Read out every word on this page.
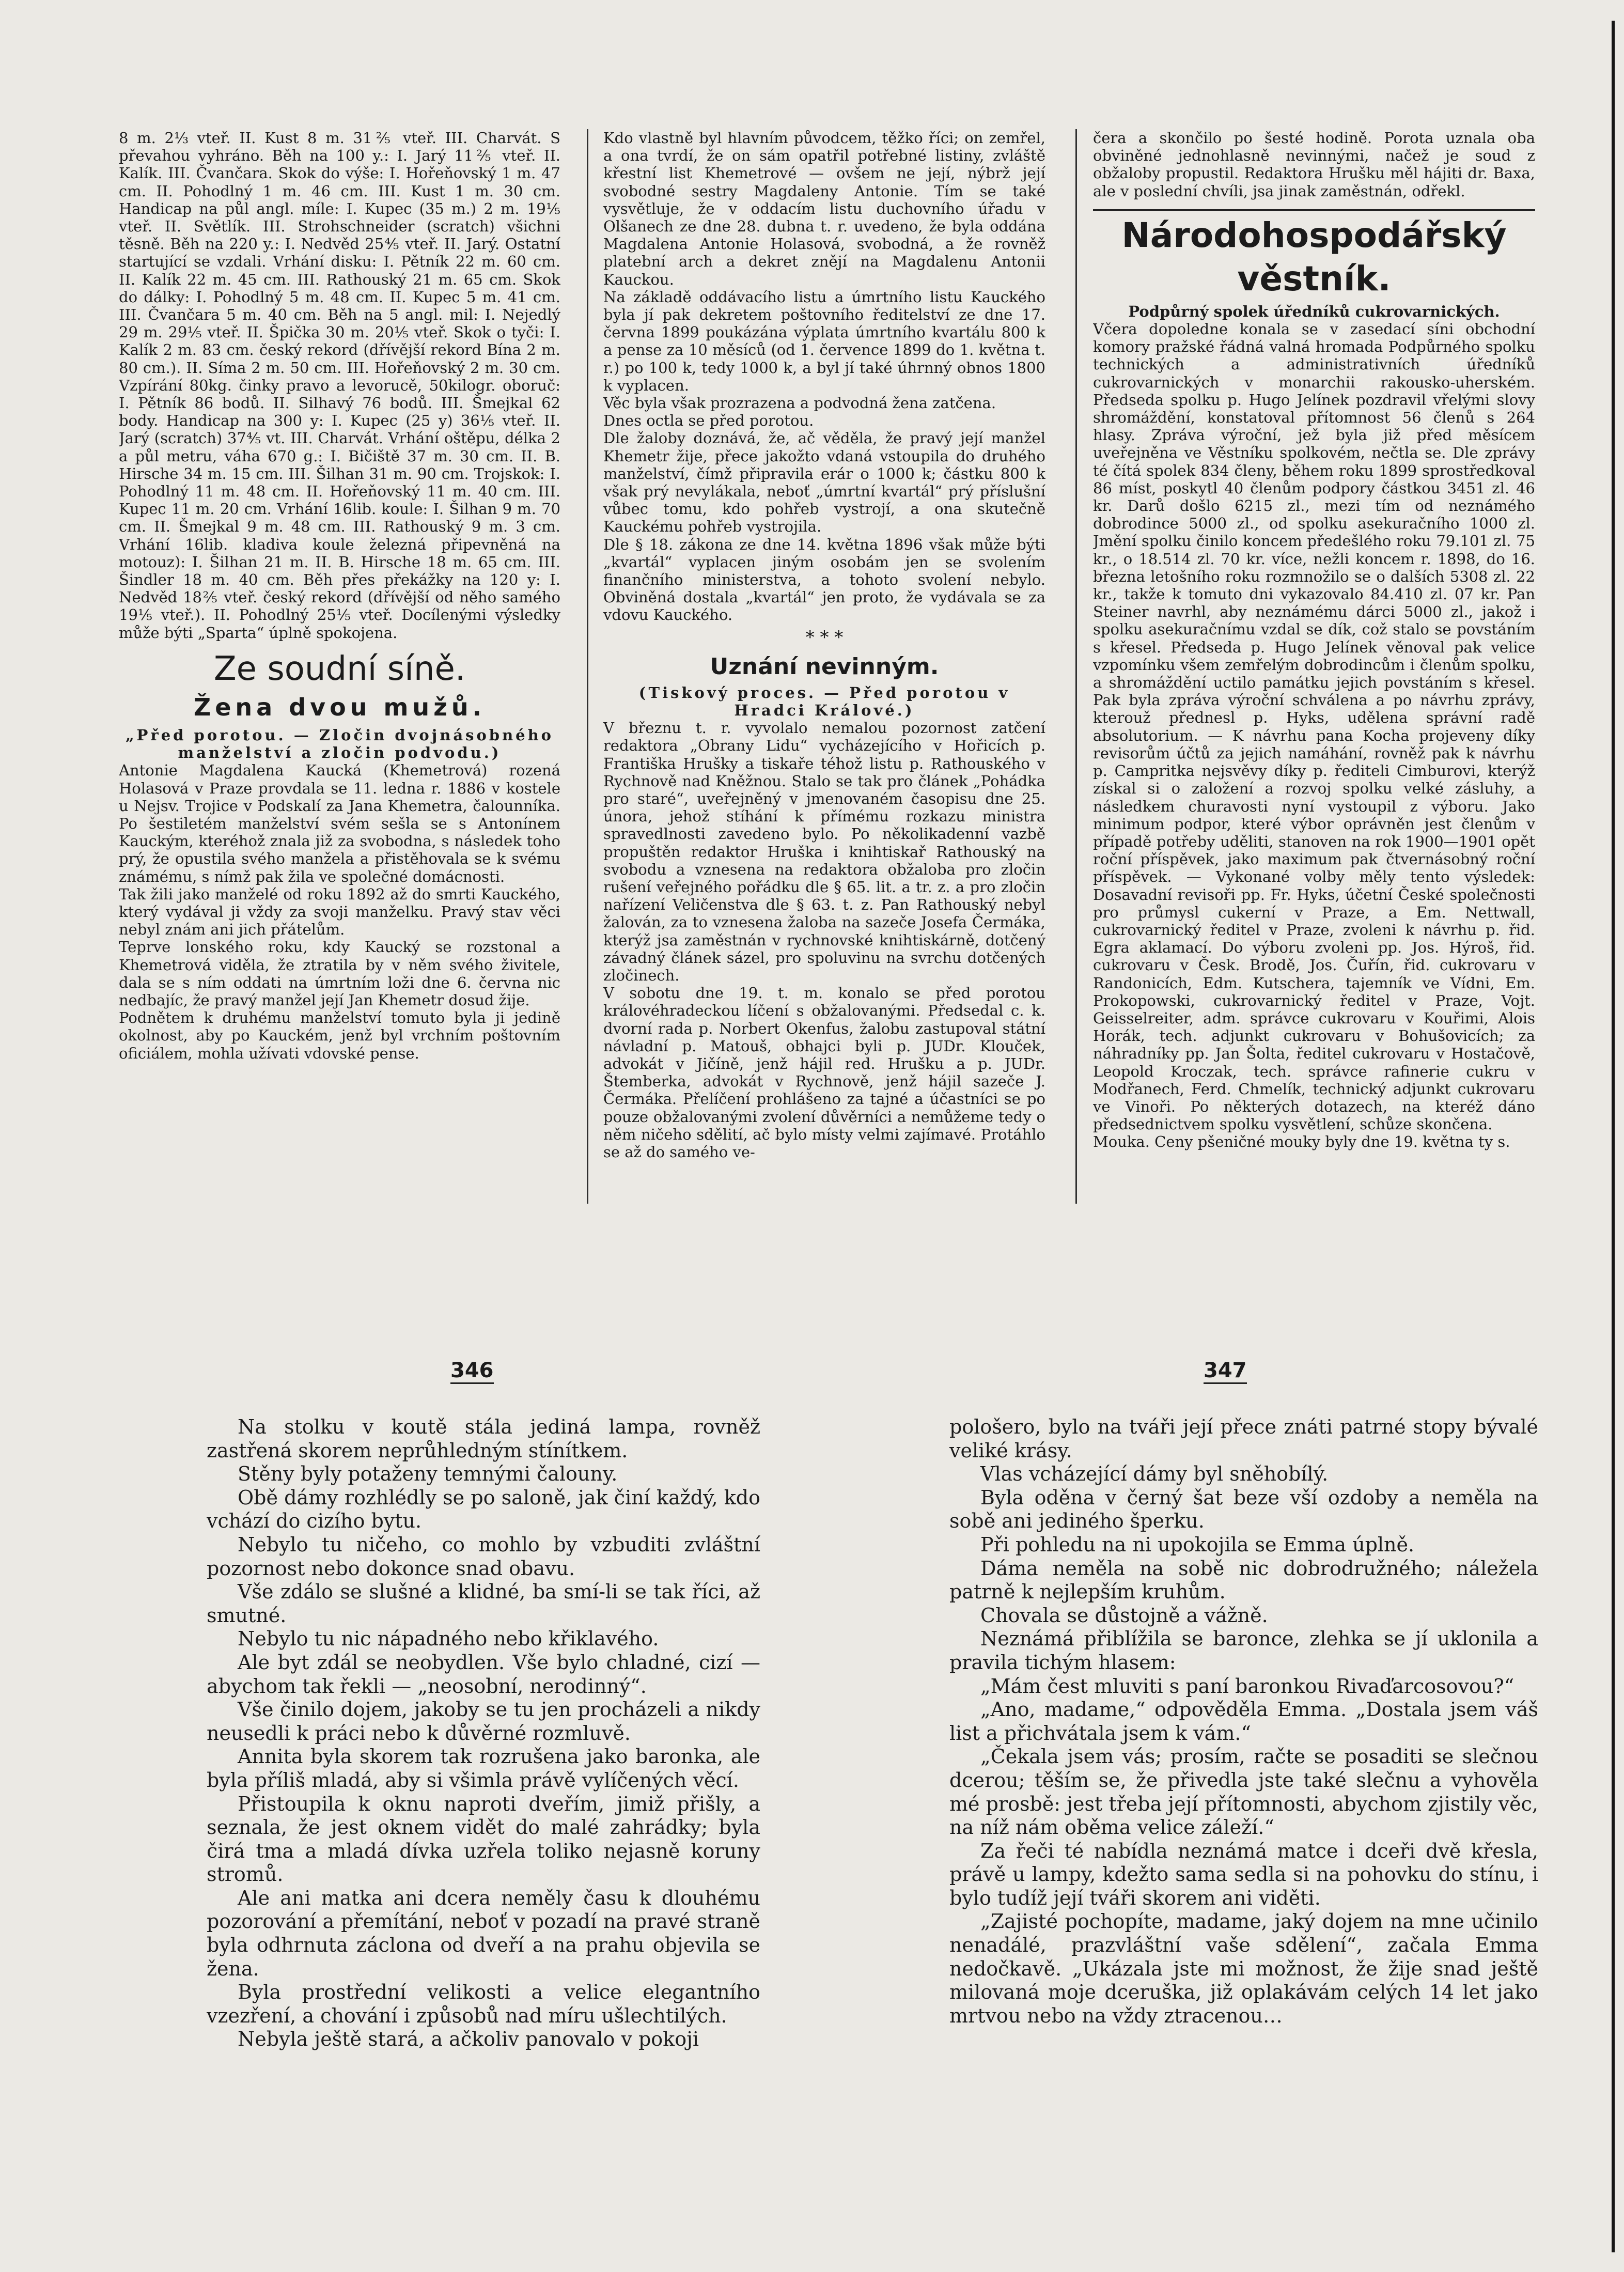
8 m. 2⅓ vteř. II. Kust 8 m. 31⅖ vteř. III. Charvát. S převahou vyhráno. Běh na 100 y.: I. Jarý 11⅖ vteř. II. Kalík. III. Čvančara. Skok do výše: I. Hořeňovský 1 m. 47 cm. II. Pohodlný 1 m. 46 cm. III. Kust 1 m. 30 cm. Handicap na půl angl. míle: I. Kupec (35 m.) 2 m. 19⅕ vteř. II. Světlík. III. Strohschneider (scratch) všichni těsně. Běh na 220 y.: I. Nedvěd 25⅘ vteř. II. Jarý. Ostatní startující se vzdali. Vrhání disku: I. Pětník 22 m. 60 cm. II. Kalík 22 m. 45 cm. III. Rathouský 21 m. 65 cm. Skok do dálky: I. Pohodlný 5 m. 48 cm. II. Kupec 5 m. 41 cm. III. Čvančara 5 m. 40 cm. Běh na 5 angl. mil: I. Nejedlý 29 m. 29⅕ vteř. II. Špička 30 m. 20⅕ vteř. Skok o tyči: I. Kalík 2 m. 83 cm. český rekord (dřívější rekord Bína 2 m. 80 cm.). II. Síma 2 m. 50 cm. III. Hořeňovský 2 m. 30 cm. Vzpírání 80kg. činky pravo a levorucě, 50kilogr. oboruč: I. Pětník 86 bodů. II. Silhavý 76 bodů. III. Šmejkal 62 body. Handicap na 300 y: I. Kupec (25 y) 36⅕ vteř. II. Jarý (scratch) 37⅘ vt. III. Charvát. Vrhání oštěpu, délka 2 a půl metru, váha 670 g.: I. Bičiště 37 m. 30 cm. II. B. Hirsche 34 m. 15 cm. III. Šilhan 31 m. 90 cm. Trojskok: I. Pohodlný 11 m. 48 cm. II. Hořeňovský 11 m. 40 cm. III. Kupec 11 m. 20 cm. Vrhání 16lib. koule: I. Šilhan 9 m. 70 cm. II. Šmejkal 9 m. 48 cm. III. Rathouský 9 m. 3 cm. Vrhání 16lib. kladiva koule železná připevněná na motouz): I. Šilhan 21 m. II. B. Hirsche 18 m. 65 cm. III. Šindler 18 m. 40 cm. Běh přes překážky na 120 y: I. Nedvěd 18⅖ vteř. český rekord (dřívější od něho samého 19⅕ vteř.). II. Pohodlný 25⅕ vteř. Docílenými výsledky může býti „Sparta“ úplně spokojena.

Ze soudní síně.
Žena dvou mužů.

„Před porotou. — Zločin dvojnásobného manželství a zločin podvodu.)

Antonie Magdalena Kaucká (Khemetrová) rozená Holasová v Praze provdala se 11. ledna r. 1886 v kostele u Nejsv. Trojice v Podskalí za Jana Khemetra, čalounníka. Po šestiletém manželství svém sešla se s Antonínem Kauckým, kteréhož znala již za svobodna, s následek toho prý, že opustila svého manžela a přistěhovala se k svému známému, s nímž pak žila ve společné domácnosti.

Tak žili jako manželé od roku 1892 až do smrti Kauckého, který vydával ji vždy za svoji manželku. Pravý stav věci nebyl znám ani jich přátelům.

Teprve lonského roku, kdy Kaucký se rozstonal a Khemetrová viděla, že ztratila by v něm svého živitele, dala se s ním oddati na úmrtním loži dne 6. června nic nedbajíc, že pravý manžel její Jan Khemetr dosud žije.

Podnětem k druhému manželství tomuto byla ji jedině okolnost, aby po Kauckém, jenž byl vrchním poštovním oficiálem, mohla užívati vdovské pense.

Kdo vlastně byl hlavním původcem, těžko říci; on zemřel, a ona tvrdí, že on sám opatřil potřebné listiny, zvláště křestní list Khemetrové — ovšem ne její, nýbrž její svobodné sestry Magdaleny Antonie. Tím se také vysvětluje, že v oddacím listu duchovního úřadu v Olšanech ze dne 28. dubna t. r. uvedeno, že byla oddána Magdalena Antonie Holasová, svobodná, a že rovněž platební arch a dekret znějí na Magdalenu Antonii Kauckou.

Na základě oddávacího listu a úmrtního listu Kauckého byla jí pak dekretem poštovního ředitelství ze dne 17. června 1899 poukázána výplata úmrtního kvartálu 800 k a pense za 10 měsíců (od 1. července 1899 do 1. května t. r.) po 100 k, tedy 1000 k, a byl jí také úhrnný obnos 1800 k vyplacen.

Věc byla však prozrazena a podvodná žena zatčena.

Dnes octla se před porotou.

Dle žaloby doznává, že, ač věděla, že pravý její manžel Khemetr žije, přece jakožto vdaná vstoupila do druhého manželství, čímž připravila erár o 1000 k; částku 800 k však prý nevylákala, neboť „úmrtní kvartál“ prý příslušní vůbec tomu, kdo pohřeb vystrojí, a ona skutečně Kauckému pohřeb vystrojila.

Dle § 18. zákona ze dne 14. května 1896 však může býti „kvartál“ vyplacen jiným osobám jen se svolením finančního ministerstva, a tohoto svolení nebylo. Obviněná dostala „kvartál“ jen proto, že vydávala se za vdovu Kauckého.

* * *
Uznání nevinným.

(Tiskový proces. — Před porotou v Hradci Králové.)

V březnu t. r. vyvolalo nemalou pozornost zatčení redaktora „Obrany Lidu“ vycházejícího v Hořicích p. Františka Hrušky a tiskaře téhož listu p. Rathouského v Rychnově nad Kněžnou. Stalo se tak pro článek „Pohádka pro staré“, uveřejněný v jmenovaném časopisu dne 25. února, jehož stíhání k přímému rozkazu ministra spravedlnosti zavedeno bylo. Po několikadenní vazbě propuštěn redaktor Hruška i knihtiskař Rathouský na svobodu a vznesena na redaktora obžaloba pro zločin rušení veřejného pořádku dle § 65. lit. a tr. z. a pro zločin nařízení Veličenstva dle § 63. t. z. Pan Rathouský nebyl žalován, za to vznesena žaloba na sazeče Josefa Čermáka, kterýž jsa zaměstnán v rychnovské knihtiskárně, dotčený závadný článek sázel, pro spoluvinu na svrchu dotčených zločinech.

V sobotu dne 19. t. m. konalo se před porotou královéhradeckou líčení s obžalovanými. Předsedal c. k. dvorní rada p. Norbert Okenfus, žalobu zastupoval státní návladní p. Matouš, obhajci byli p. JUDr. Klouček, advokát v Jičíně, jenž hájil red. Hrušku a p. JUDr. Štemberka, advokát v Rychnově, jenž hájil sazeče J. Čermáka. Přelíčení prohlášeno za tajné a účastníci se po pouze obžalovanými zvolení důvěrníci a nemůžeme tedy o něm ničeho sdělití, ač bylo místy velmi zajímavé. Protáhlo se až do samého ve-

čera a skončilo po šesté hodině. Porota uznala oba obviněné jednohlasně nevinnými, načež je soud z obžaloby propustil. Redaktora Hrušku měl hájiti dr. Baxa, ale v poslední chvíli, jsa jinak zaměstnán, odřekl.

Národohospodářský věstník.

Podpůrný spolek úředníků cukrovarnických.

Včera dopoledne konala se v zasedací síni obchodní komory pražské řádná valná hromada Podpůrného spolku technických a administrativních úředníků cukrovarnických v monarchii rakousko-uherském. Předseda spolku p. Hugo Jelínek pozdravil vřelými slovy shromáždění, konstatoval přítomnost 56 členů s 264 hlasy. Zpráva výroční, jež byla již před měsícem uveřejněna ve Věstníku spolkovém, nečtla se. Dle zprávy té čítá spolek 834 členy, během roku 1899 sprostředkoval 86 míst, poskytl 40 členům podpory částkou 3451 zl. 46 kr. Darů došlo 6215 zl., mezi tím od neznámého dobrodince 5000 zl., od spolku asekuračního 1000 zl. Jmění spolku činilo koncem předešlého roku 79.101 zl. 75 kr., o 18.514 zl. 70 kr. více, nežli koncem r. 1898, do 16. března letošního roku rozmnožilo se o dalších 5308 zl. 22 kr., takže k tomuto dni vykazovalo 84.410 zl. 07 kr. Pan Steiner navrhl, aby neznámému dárci 5000 zl., jakož i spolku asekuračnímu vzdal se dík, což stalo se povstáním s křesel. Předseda p. Hugo Jelínek věnoval pak velice vzpomínku všem zemřelým dobrodincům i členům spolku, a shromáždění uctilo památku jejich povstáním s křesel. Pak byla zpráva výroční schválena a po návrhu zprávy, kterouž přednesl p. Hyks, udělena správní radě absolutorium. — K návrhu pana Kocha projeveny díky revisorům účtů za jejich namáhání, rovněž pak k návrhu p. Campritka nejsvěvy díky p. řediteli Cimburovi, kterýž získal si o založení a rozvoj spolku velké zásluhy, a následkem churavosti nyní vystoupil z výboru. Jako minimum podpor, které výbor oprávněn jest členům v případě potřeby uděliti, stanoven na rok 1900—1901 opět roční příspěvek, jako maximum pak čtvernásobný roční příspěvek. — Vykonané volby měly tento výsledek: Dosavadní revisoři pp. Fr. Hyks, účetní České společnosti pro průmysl cukerní v Praze, a Em. Nettwall, cukrovarnický ředitel v Praze, zvoleni k návrhu p. řid. Egra aklamací. Do výboru zvoleni pp. Jos. Hýroš, řid. cukrovaru v Česk. Brodě, Jos. Čuřín, řid. cukrovaru v Randonicích, Edm. Kutschera, tajemník ve Vídni, Em. Prokopowski, cukrovarnický ředitel v Praze, Vojt. Geisselreiter, adm. správce cukrovaru v Kouřimi, Alois Horák, tech. adjunkt cukrovaru v Bohušovicích; za náhradníky pp. Jan Šolta, ředitel cukrovaru v Hostačově, Leopold Kroczak, tech. správce rafinerie cukru v Modřanech, Ferd. Chmelík, technický adjunkt cukrovaru ve Vinoři. Po některých dotazech, na kteréž dáno předsednictvem spolku vysvětlení, schůze skončena.

Mouka. Ceny pšeničné mouky byly dne 19. května ty s.

346	347

Na stolku v koutě stála jediná lampa, rovněž zastřená skorem neprůhledným stínítkem.

Stěny byly potaženy temnými čalouny.

Obě dámy rozhlédly se po saloně, jak činí každý, kdo vchází do cizího bytu.

Nebylo tu ničeho, co mohlo by vzbuditi zvláštní pozornost nebo dokonce snad obavu.

Vše zdálo se slušné a klidné, ba smí-li se tak říci, až smutné.

Nebylo tu nic nápadného nebo křiklavého.

Ale byt zdál se neobydlen. Vše bylo chladné, cizí — abychom tak řekli — „neosobní, nerodinný“.

Vše činilo dojem, jakoby se tu jen procházeli a nikdy neusedli k práci nebo k důvěrné rozmluvě.

Annita byla skorem tak rozrušena jako baronka, ale byla příliš mladá, aby si všimla právě vylíčených věcí.

Přistoupila k oknu naproti dveřím, jimiž přišly, a seznala, že jest oknem vidět do malé zahrádky; byla čirá tma a mladá dívka uzřela toliko nejasně koruny stromů.

Ale ani matka ani dcera neměly času k dlouhému pozorování a přemítání, neboť v pozadí na pravé straně byla odhrnuta záclona od dveří a na prahu objevila se žena.

Byla prostřední velikosti a velice elegantního vzezření, a chování i způsobů nad míru ušlechtilých.

Nebyla ještě stará, a ačkoliv panovalo v pokoji

pološero, bylo na tváři její přece znáti patrné stopy bývalé veliké krásy.

Vlas vcházející dámy byl sněhobílý.

Byla oděna v černý šat beze vší ozdoby a neměla na sobě ani jediného šperku.

Při pohledu na ni upokojila se Emma úplně.

Dáma neměla na sobě nic dobrodružného; náležela patrně k nejlepším kruhům.

Chovala se důstojně a vážně.

Neznámá přiblížila se baronce, zlehka se jí uklonila a pravila tichým hlasem:

„Mám čest mluviti s paní baronkou Rivaďarcosovou?“

„Ano, madame,“ odpověděla Emma. „Dostala jsem váš list a přichvátala jsem k vám.“

„Čekala jsem vás; prosím, račte se posaditi se slečnou dcerou; těším se, že přivedla jste také slečnu a vyhověla mé prosbě: jest třeba její přítomnosti, abychom zjistily věc, na níž nám oběma velice záleží.“

Za řeči té nabídla neznámá matce i dceři dvě křesla, právě u lampy, kdežto sama sedla si na pohovku do stínu, i bylo tudíž její tváři skorem ani viděti.

„Zajisté pochopíte, madame, jaký dojem na mne učinilo nenadálé, prazvláštní vaše sdělení“, začala Emma nedočkavě. „Ukázala jste mi možnost, že žije snad ještě milovaná moje dceruška, již oplakávám celých 14 let jako mrtvou nebo na vždy ztracenou…
